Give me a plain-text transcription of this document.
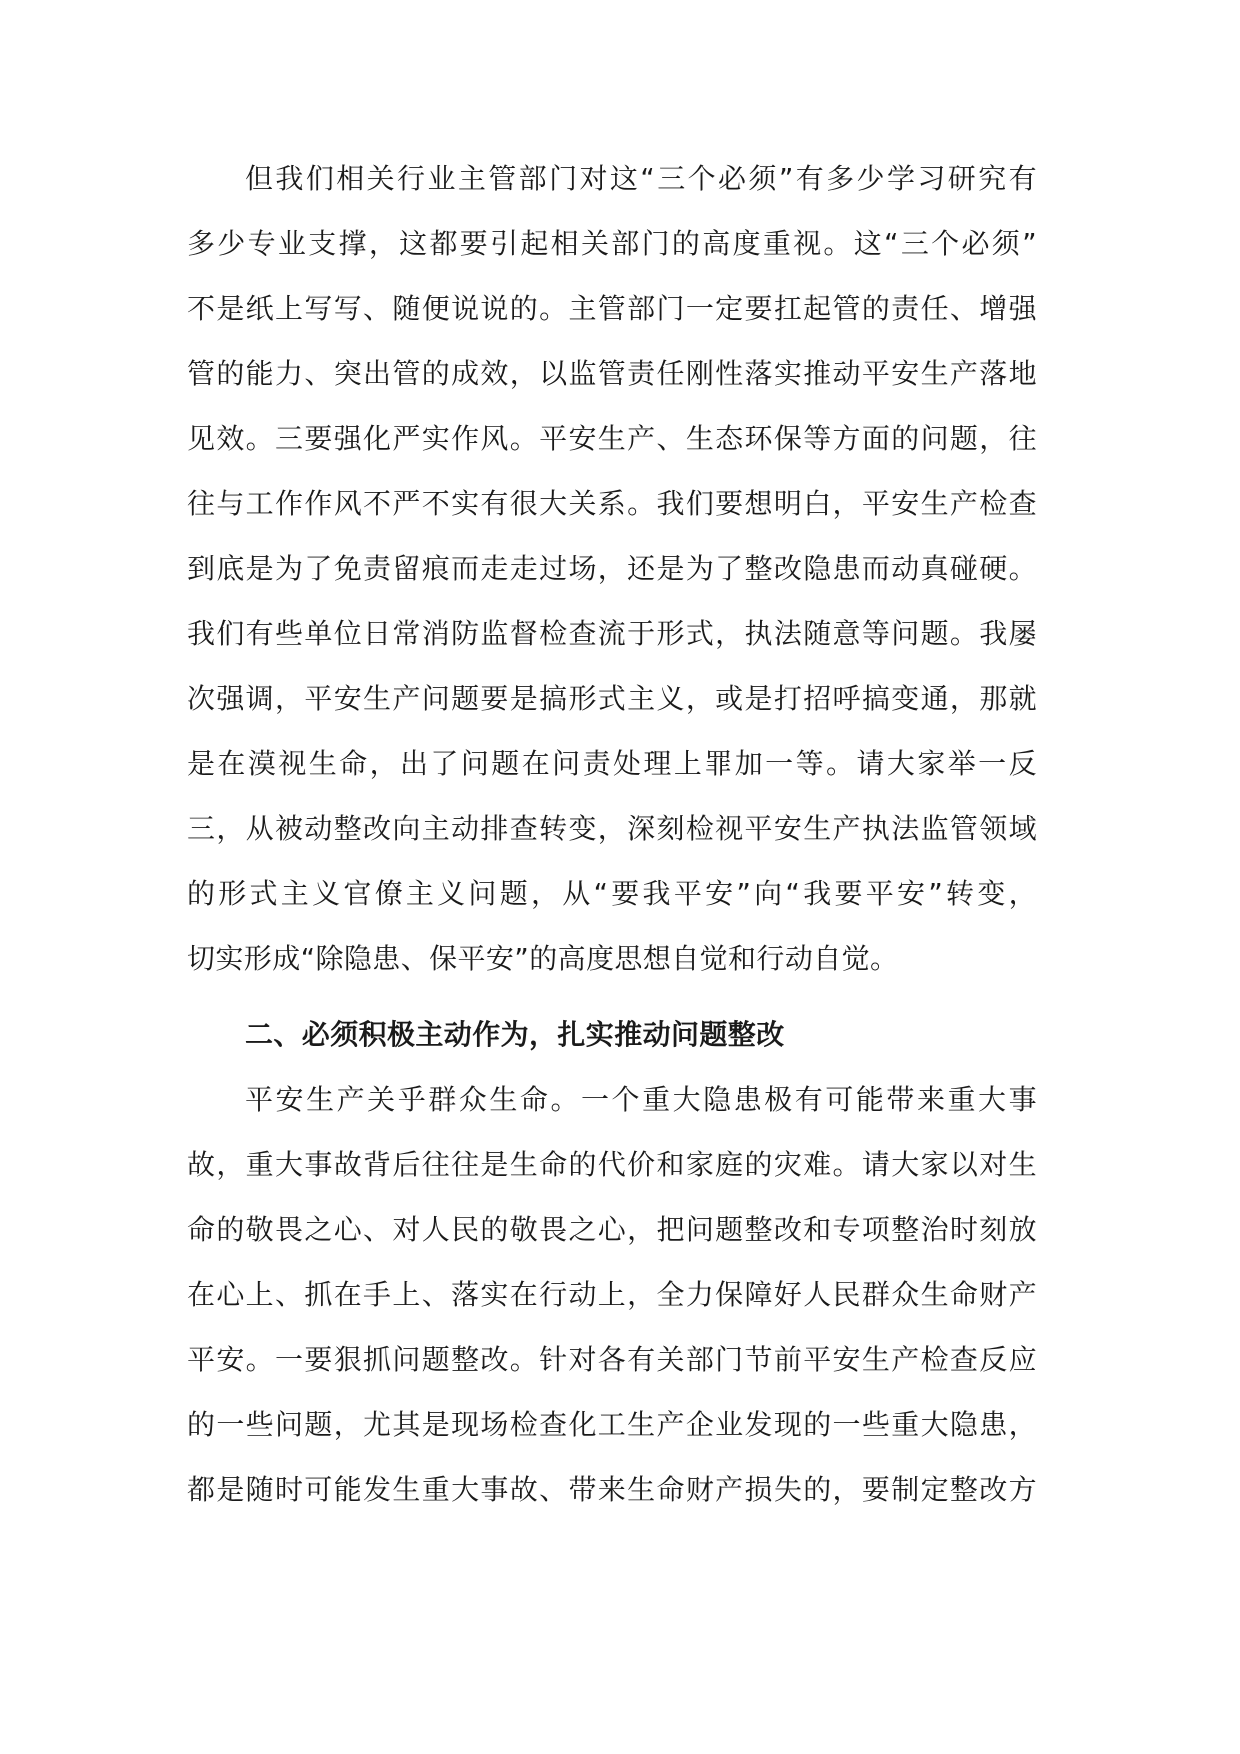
但我们相关行业主管部门对这“三个必须”有多少学习研究有
多少专业支撑，这都要引起相关部门的高度重视。这“三个必须”
不是纸上写写、随便说说的。主管部门一定要扛起管的责任、增强
管的能力、突出管的成效，以监管责任刚性落实推动平安生产落地
见效。三要强化严实作风。平安生产、生态环保等方面的问题，往
往与工作作风不严不实有很大关系。我们要想明白，平安生产检查
到底是为了免责留痕而走走过场，还是为了整改隐患而动真碰硬。
我们有些单位日常消防监督检查流于形式，执法随意等问题。我屡
次强调，平安生产问题要是搞形式主义，或是打招呼搞变通，那就
是在漠视生命，出了问题在问责处理上罪加一等。请大家举一反
三，从被动整改向主动排查转变，深刻检视平安生产执法监管领域
的形式主义官僚主义问题，从“要我平安”向“我要平安”转变，
切实形成“除隐患、保平安”的高度思想自觉和行动自觉。
二、必须积极主动作为，扎实推动问题整改
平安生产关乎群众生命。一个重大隐患极有可能带来重大事
故，重大事故背后往往是生命的代价和家庭的灾难。请大家以对生
命的敬畏之心、对人民的敬畏之心，把问题整改和专项整治时刻放
在心上、抓在手上、落实在行动上，全力保障好人民群众生命财产
平安。一要狠抓问题整改。针对各有关部门节前平安生产检查反应
的一些问题，尤其是现场检查化工生产企业发现的一些重大隐患，
都是随时可能发生重大事故、带来生命财产损失的，要制定整改方
